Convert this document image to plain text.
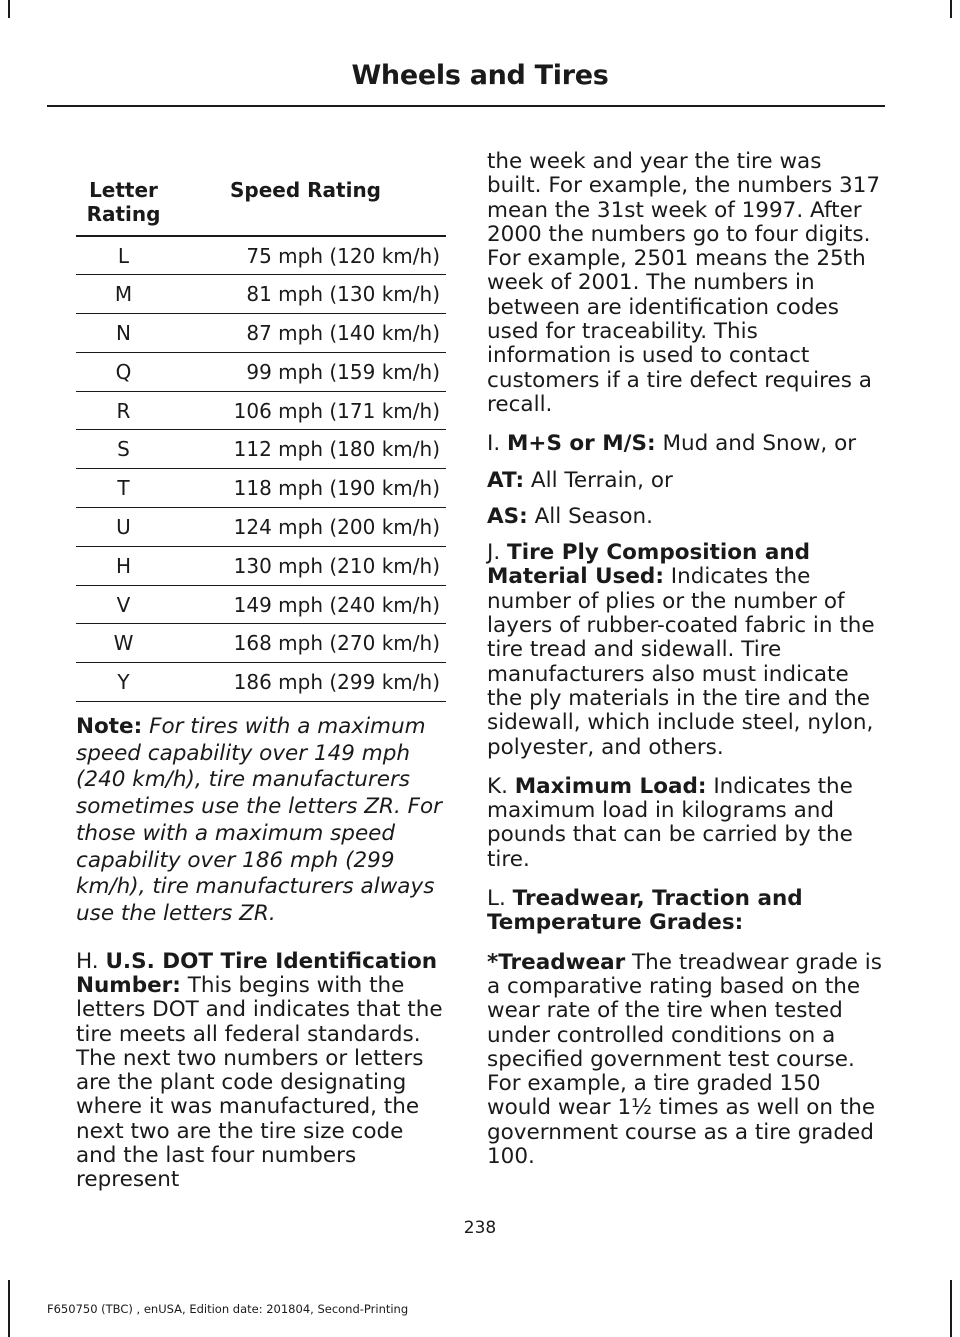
Wheels and Tires
Letter Rating	Speed Rating
L	75 mph (120 km/h)
M	81 mph (130 km/h)
N	87 mph (140 km/h)
Q	99 mph (159 km/h)
R	106 mph (171 km/h)
S	112 mph (180 km/h)
T	118 mph (190 km/h)
U	124 mph (200 km/h)
H	130 mph (210 km/h)
V	149 mph (240 km/h)
W	168 mph (270 km/h)
Y	186 mph (299 km/h)

Note: For tires with a maximum speed capability over 149 mph (240 km/h), tire manufacturers sometimes use the letters ZR. For those with a maximum speed capability over 186 mph (299 km/h), tire manufacturers always use the letters ZR.

H. U.S. DOT Tire Identification Number: This begins with the letters DOT and indicates that the tire meets all federal standards. The next two numbers or letters are the plant code designating where it was manufactured, the next two are the tire size code and the last four numbers represent

the week and year the tire was built. For example, the numbers 317 mean the 31st week of 1997. After 2000 the numbers go to four digits. For example, 2501 means the 25th week of 2001. The numbers in between are identification codes used for traceability. This information is used to contact customers if a tire defect requires a recall.

I. M+S or M/S: Mud and Snow, or

AT: All Terrain, or

AS: All Season.

J. Tire Ply Composition and Material Used: Indicates the number of plies or the number of layers of rubber-coated fabric in the tire tread and sidewall. Tire manufacturers also must indicate the ply materials in the tire and the sidewall, which include steel, nylon, polyester, and others.

K. Maximum Load: Indicates the maximum load in kilograms and pounds that can be carried by the tire.

L. Treadwear, Traction and Temperature Grades:

*Treadwear The treadwear grade is a comparative rating based on the wear rate of the tire when tested under controlled conditions on a specified government test course. For example, a tire graded 150 would wear 1½ times as well on the government course as a tire graded 100.

238
F650750 (TBC) , enUSA, Edition date: 201804, Second-Printing
